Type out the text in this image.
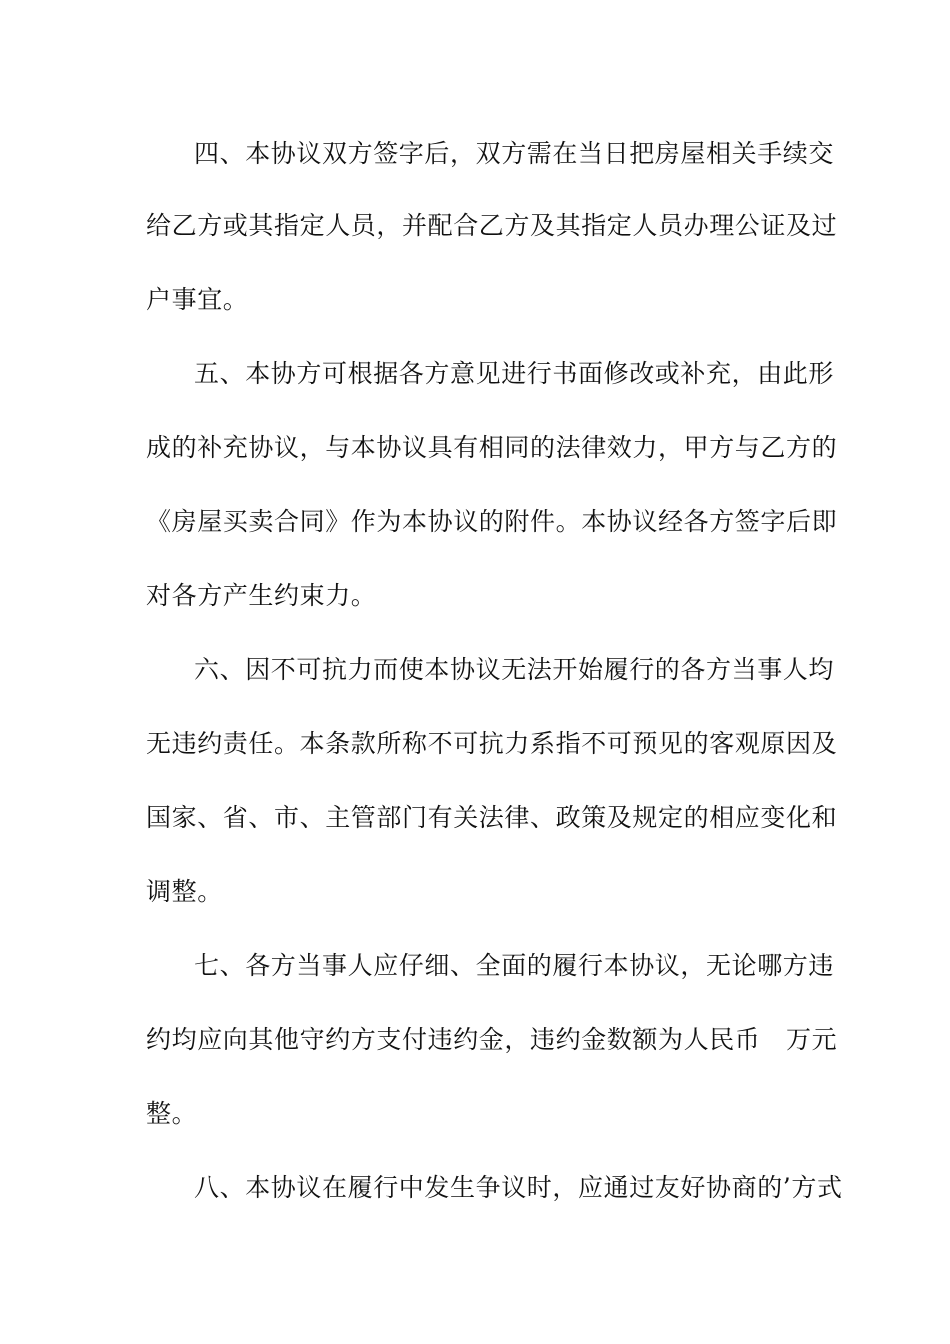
四、本协议双方签字后，双方需在当日把房屋相关手续交
给乙方或其指定人员，并配合乙方及其指定人员办理公证及过
户事宜。
五、本协方可根据各方意见进行书面修改或补充，由此形
成的补充协议，与本协议具有相同的法律效力，甲方与乙方的
《房屋买卖合同》作为本协议的附件。本协议经各方签字后即
对各方产生约束力。
六、因不可抗力而使本协议无法开始履行的各方当事人均
无违约责任。本条款所称不可抗力系指不可预见的客观原因及
国家、省、市、主管部门有关法律、政策及规定的相应变化和
调整。
七、各方当事人应仔细、全面的履行本协议，无论哪方违
约均应向其他守约方支付违约金，违约金数额为人民币　万元
整。
八、本协议在履行中发生争议时，应通过友好协商的’方式
